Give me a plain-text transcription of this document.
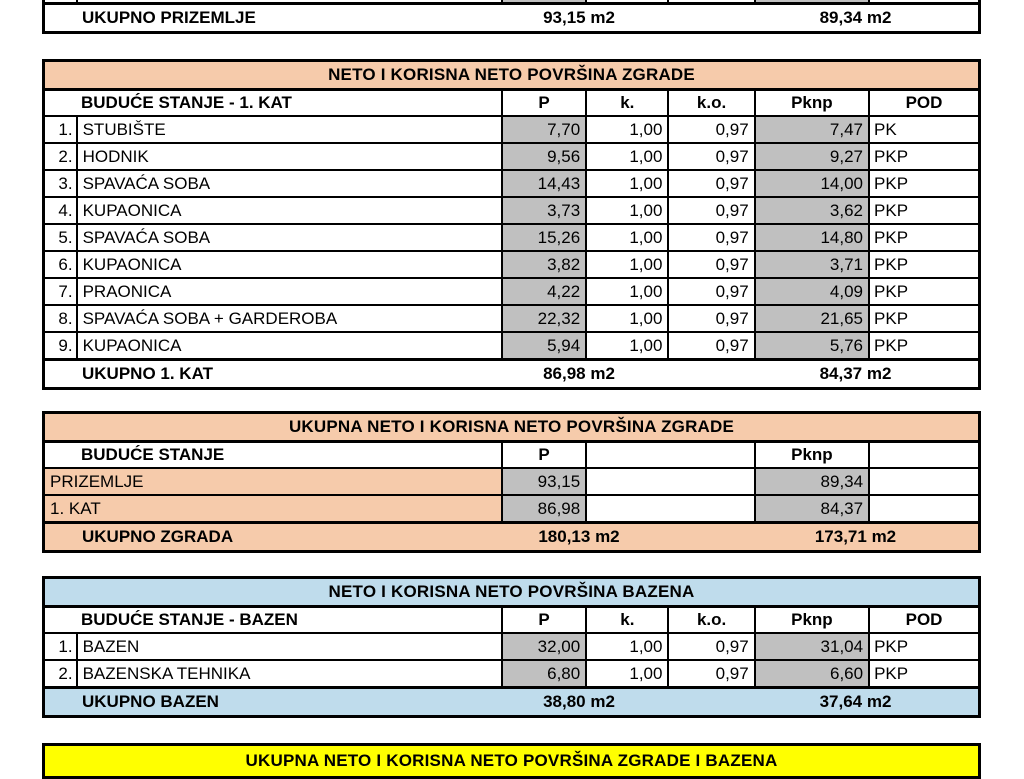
UKUPNO PRIZEMLJE	93,15 m2	89,34 m2
NETO I KORISNA NETO POVRŠINA ZGRADE						
BUDUĆE STANJE - 1. KAT		P	k.	k.o.	Pknp	POD
1.	STUBIŠTE	7,70	1,00	0,97	7,47	PK
2.	HODNIK	9,56	1,00	0,97	9,27	PKP
3.	SPAVAĆA SOBA	14,43	1,00	0,97	14,00	PKP
4.	KUPAONICA	3,73	1,00	0,97	3,62	PKP
5.	SPAVAĆA SOBA	15,26	1,00	0,97	14,80	PKP
6.	KUPAONICA	3,82	1,00	0,97	3,71	PKP
7.	PRAONICA	4,22	1,00	0,97	4,09	PKP
8.	SPAVAĆA SOBA + GARDEROBA	22,32	1,00	0,97	21,65	PKP
9.	KUPAONICA	5,94	1,00	0,97	5,76	PKP

UKUPNO 1. KAT 86,98 m2 84,37 m2						
UKUPNA NETO I KORISNA NETO POVRŠINA ZGRADE				
BUDUĆE STANJE	P		Pknp	
PRIZEMLJE	93,15		89,34	
1. KAT	86,98		84,37	

UKUPNO ZGRADA 180,13 m2 173,71 m2				
NETO I KORISNA NETO POVRŠINA BAZENA						
BUDUĆE STANJE - BAZEN		P	k.	k.o.	Pknp	POD
1.	BAZEN	32,00	1,00	0,97	31,04	PKP
2.	BAZENSKA TEHNIKA	6,80	1,00	0,97	6,60	PKP

UKUPNO BAZEN 38,80 m2 37,64 m2						
UKUPNA NETO I KORISNA NETO POVRŠINA ZGRADE I BAZENA
